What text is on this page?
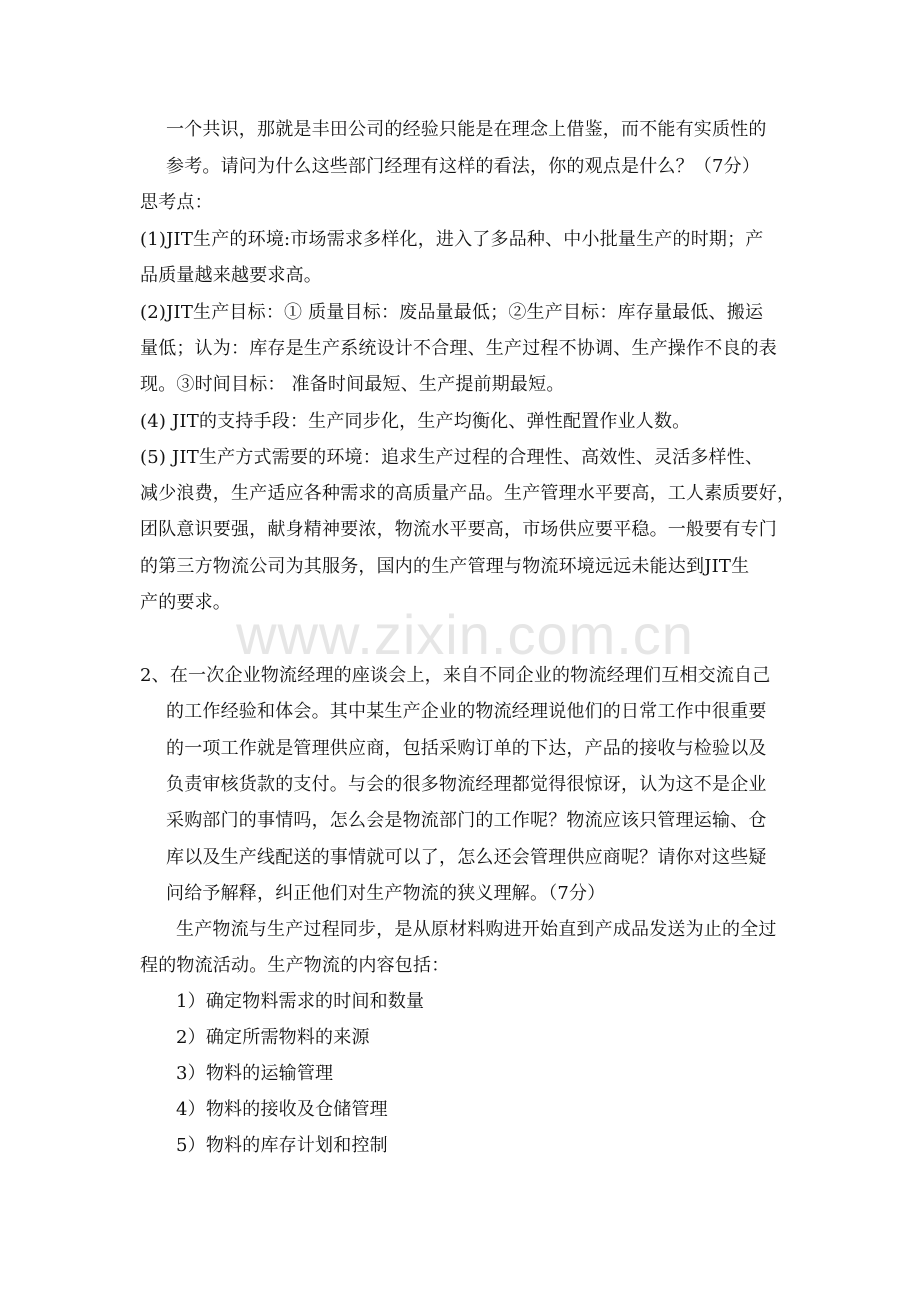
www.zixin.com.cn
一个共识，那就是丰田公司的经验只能是在理念上借鉴，而不能有实质性的
参考。请问为什么这些部门经理有这样的看法，你的观点是什么？（7分）
思考点：
(1)JIT生产的环境:市场需求多样化，进入了多品种、中小批量生产的时期；产
品质量越来越要求高。
(2)JIT生产目标：① 质量目标：废品量最低；②生产目标：库存量最低、搬运
量低；认为：库存是生产系统设计不合理、生产过程不协调、生产操作不良的表
现。③时间目标： 准备时间最短、生产提前期最短。
(4) JIT的支持手段：生产同步化，生产均衡化、弹性配置作业人数。
(5) JIT生产方式需要的环境：追求生产过程的合理性、高效性、灵活多样性、
减少浪费，生产适应各种需求的高质量产品。生产管理水平要高，工人素质要好，
团队意识要强，献身精神要浓，物流水平要高，市场供应要平稳。一般要有专门
的第三方物流公司为其服务，国内的生产管理与物流环境远远未能达到JIT生
产的要求。
2、在一次企业物流经理的座谈会上，来自不同企业的物流经理们互相交流自己
的工作经验和体会。其中某生产企业的物流经理说他们的日常工作中很重要
的一项工作就是管理供应商，包括采购订单的下达，产品的接收与检验以及
负责审核货款的支付。与会的很多物流经理都觉得很惊讶，认为这不是企业
采购部门的事情吗，怎么会是物流部门的工作呢？物流应该只管理运输、仓
库以及生产线配送的事情就可以了，怎么还会管理供应商呢？请你对这些疑
问给予解释，纠正他们对生产物流的狭义理解。（7分）
生产物流与生产过程同步，是从原材料购进开始直到产成品发送为止的全过
程的物流活动。生产物流的内容包括：
1）确定物料需求的时间和数量
2）确定所需物料的来源
3）物料的运输管理
4）物料的接收及仓储管理
5）物料的库存计划和控制
